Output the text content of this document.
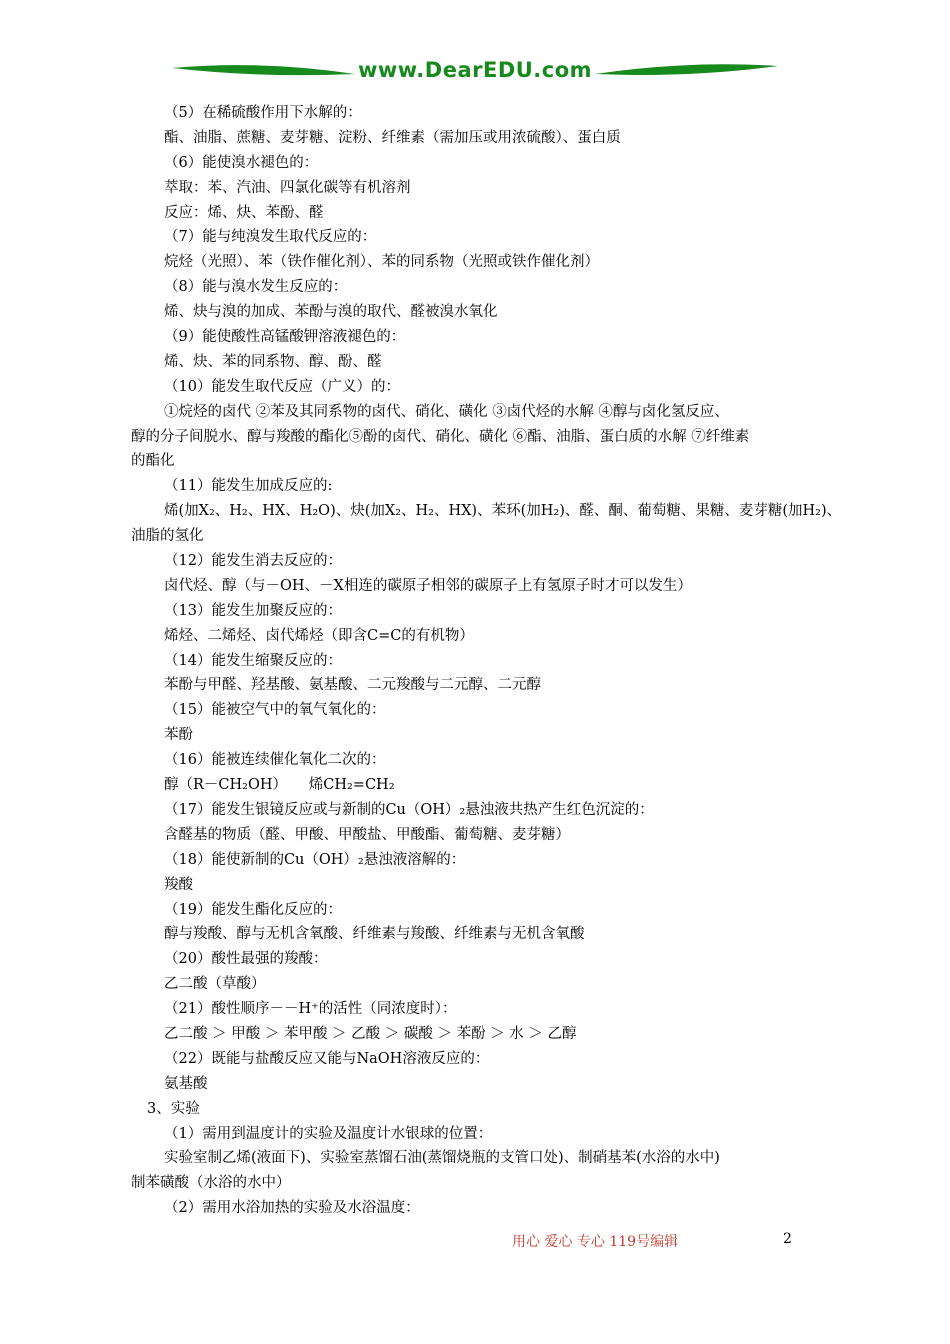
www.DearEDU.com
（5）在稀硫酸作用下水解的：
酯、油脂、蔗糖、麦芽糖、淀粉、纤维素（需加压或用浓硫酸）、蛋白质
（6）能使溴水褪色的：
萃取：苯、汽油、四氯化碳等有机溶剂
反应：烯、炔、苯酚、醛
（7）能与纯溴发生取代反应的：
烷烃（光照）、苯（铁作催化剂）、苯的同系物（光照或铁作催化剂）
（8）能与溴水发生反应的：
烯、炔与溴的加成、苯酚与溴的取代、醛被溴水氧化
（9）能使酸性高锰酸钾溶液褪色的：
烯、炔、苯的同系物、醇、酚、醛
（10）能发生取代反应（广义）的：
①烷烃的卤代 ②苯及其同系物的卤代、硝化、磺化 ③卤代烃的水解 ④醇与卤化氢反应、
醇的分子间脱水、醇与羧酸的酯化⑤酚的卤代、硝化、磺化 ⑥酯、油脂、蛋白质的水解 ⑦纤维素
的酯化
（11）能发生加成反应的:
烯(加X₂、H₂、HX、H₂O)、炔(加X₂、H₂、HX)、苯环(加H₂)、醛、酮、葡萄糖、果糖、麦芽糖(加H₂)、
油脂的氢化
（12）能发生消去反应的：
卤代烃、醇（与－OH、－X相连的碳原子相邻的碳原子上有氢原子时才可以发生）
（13）能发生加聚反应的：
烯烃、二烯烃、卤代烯烃（即含C=C的有机物）
（14）能发生缩聚反应的：
苯酚与甲醛、羟基酸、氨基酸、二元羧酸与二元醇、二元醇
（15）能被空气中的氧气氧化的：
苯酚
（16）能被连续催化氧化二次的：
醇（R－CH₂OH）　　烯CH₂=CH₂
（17）能发生银镜反应或与新制的Cu（OH）₂悬浊液共热产生红色沉淀的：
含醛基的物质（醛、甲酸、甲酸盐、甲酸酯、葡萄糖、麦芽糖）
（18）能使新制的Cu（OH）₂悬浊液溶解的：
羧酸
（19）能发生酯化反应的：
醇与羧酸、醇与无机含氧酸、纤维素与羧酸、纤维素与无机含氧酸
（20）酸性最强的羧酸：
乙二酸（草酸）
（21）酸性顺序－－H⁺的活性（同浓度时）：
乙二酸 ＞ 甲酸 ＞ 苯甲酸 ＞ 乙酸 ＞ 碳酸 ＞ 苯酚 ＞ 水 ＞ 乙醇
（22）既能与盐酸反应又能与NaOH溶液反应的：
氨基酸
3、实验
（1）需用到温度计的实验及温度计水银球的位置：
实验室制乙烯(液面下)、实验室蒸馏石油(蒸馏烧瓶的支管口处)、制硝基苯(水浴的水中)
制苯磺酸（水浴的水中）
（2）需用水浴加热的实验及水浴温度：
用心 爱心 专心 119号编辑	2
